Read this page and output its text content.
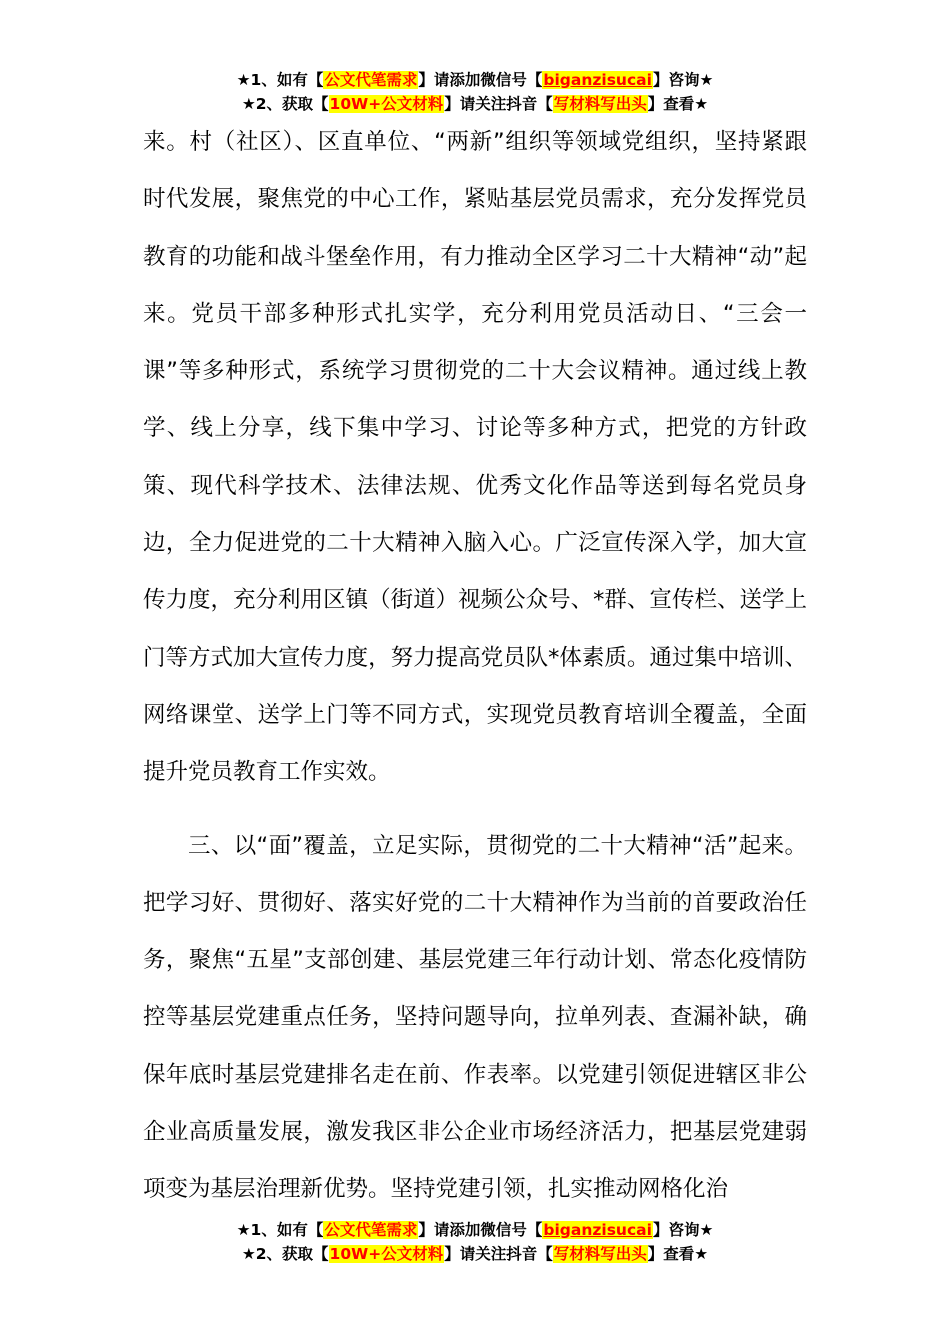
★1、如有【公文代笔需求】请添加微信号【biganzisucai】咨询★
★2、获取【10W+公文材料】请关注抖音【写材料写出头】查看★

来。村（社区）、区直单位、“两新”组织等领域党组织，坚持紧跟时代发展，聚焦党的中心工作，紧贴基层党员需求，充分发挥党员教育的功能和战斗堡垒作用，有力推动全区学习二十大精神“动”起来。党员干部多种形式扎实学，充分利用党员活动日、“三会一课”等多种形式，系统学习贯彻党的二十大会议精神。通过线上教学、线上分享，线下集中学习、讨论等多种方式，把党的方针政策、现代科学技术、法律法规、优秀文化作品等送到每名党员身边，全力促进党的二十大精神入脑入心。广泛宣传深入学，加大宣传力度，充分利用区镇（街道）视频公众号、*群、宣传栏、送学上门等方式加大宣传力度，努力提高党员队*体素质。通过集中培训、网络课堂、送学上门等不同方式，实现党员教育培训全覆盖，全面提升党员教育工作实效。

三、以“面”覆盖，立足实际，贯彻党的二十大精神“活”起来。把学习好、贯彻好、落实好党的二十大精神作为当前的首要政治任务，聚焦“五星”支部创建、基层党建三年行动计划、常态化疫情防控等基层党建重点任务，坚持问题导向，拉单列表、查漏补缺，确保年底时基层党建排名走在前、作表率。以党建引领促进辖区非公企业高质量发展，激发我区非公企业市场经济活力，把基层党建弱项变为基层治理新优势。坚持党建引领，扎实推动网格化治

★1、如有【公文代笔需求】请添加微信号【biganzisucai】咨询★
★2、获取【10W+公文材料】请关注抖音【写材料写出头】查看★
